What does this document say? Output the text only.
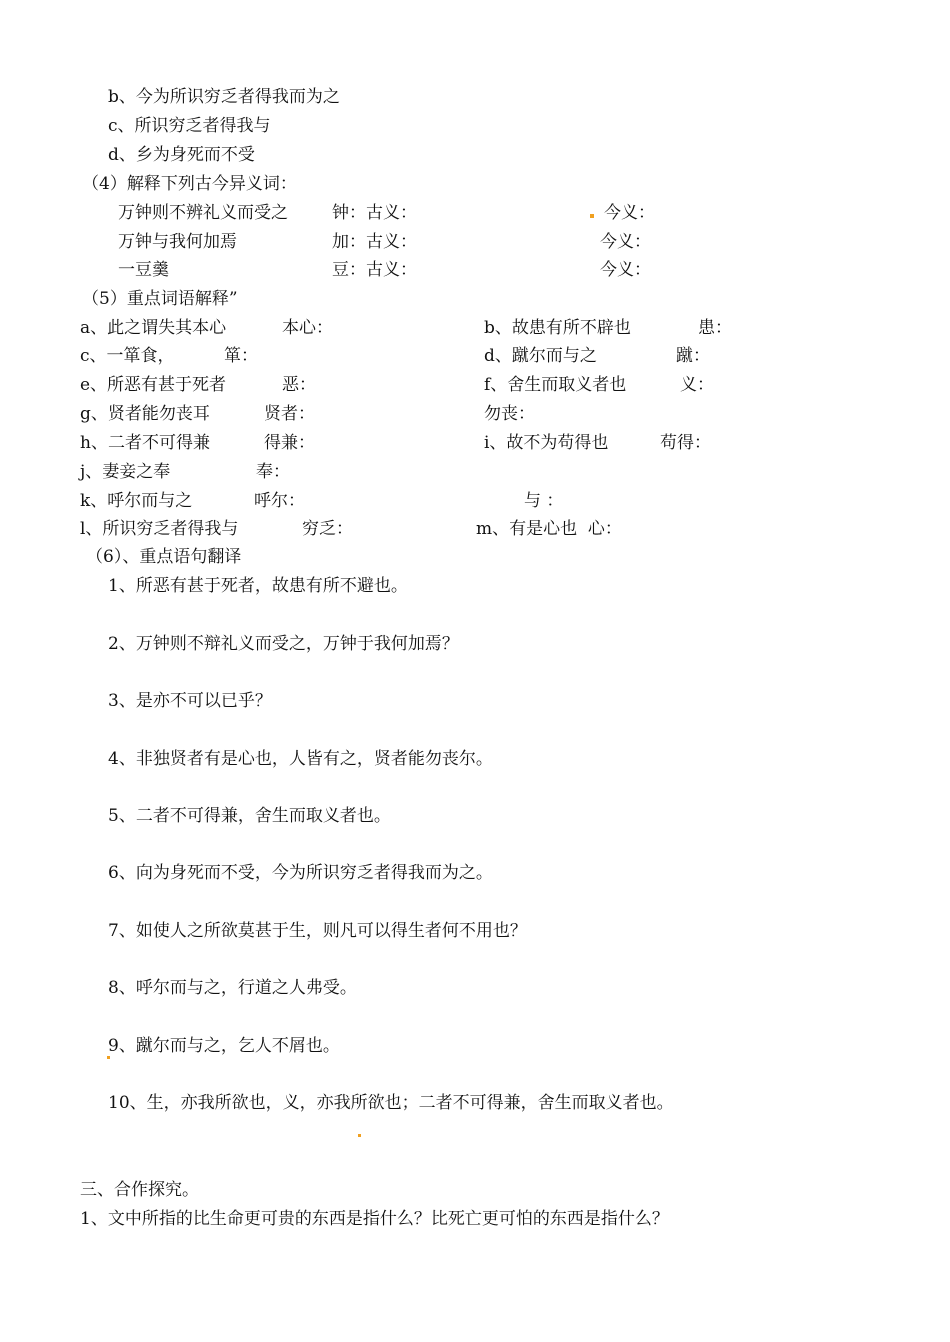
b、今为所识穷乏者得我而为之
c、所识穷乏者得我与
d、乡为身死而不受
（4）解释下列古今异义词：
万钟则不辨礼义而受之	钟：古义：	今义：
万钟与我何加焉	加：古义：	今义：
一豆羹	豆：古义：	今义：
（5）重点词语解释”
a、此之谓失其本心	本心：	b、故患有所不辟也	患：
c、一箪食，	箪：	d、蹴尔而与之	蹴：
e、所恶有甚于死者	恶：	f、舍生而取义者也	义：
g、贤者能勿丧耳	贤者：	勿丧：
h、二者不可得兼	得兼：	i、故不为苟得也	苟得：
j、妻妾之奉	奉：
k、呼尔而与之	呼尔：	与 ：
l、所识穷乏者得我与	穷乏：	m、有是心也  心：
（6）、重点语句翻译
1、所恶有甚于死者，故患有所不避也。
2、万钟则不辩礼义而受之，万钟于我何加焉？
3、是亦不可以已乎？
4、非独贤者有是心也，人皆有之，贤者能勿丧尔。
5、二者不可得兼，舍生而取义者也。
6、向为身死而不受，今为所识穷乏者得我而为之。
7、如使人之所欲莫甚于生，则凡可以得生者何不用也？
8、呼尔而与之，行道之人弗受。
9、蹴尔而与之，乞人不屑也。
10、生，亦我所欲也，义，亦我所欲也；二者不可得兼，舍生而取义者也。
三、合作探究。
1、文中所指的比生命更可贵的东西是指什么？比死亡更可怕的东西是指什么？
